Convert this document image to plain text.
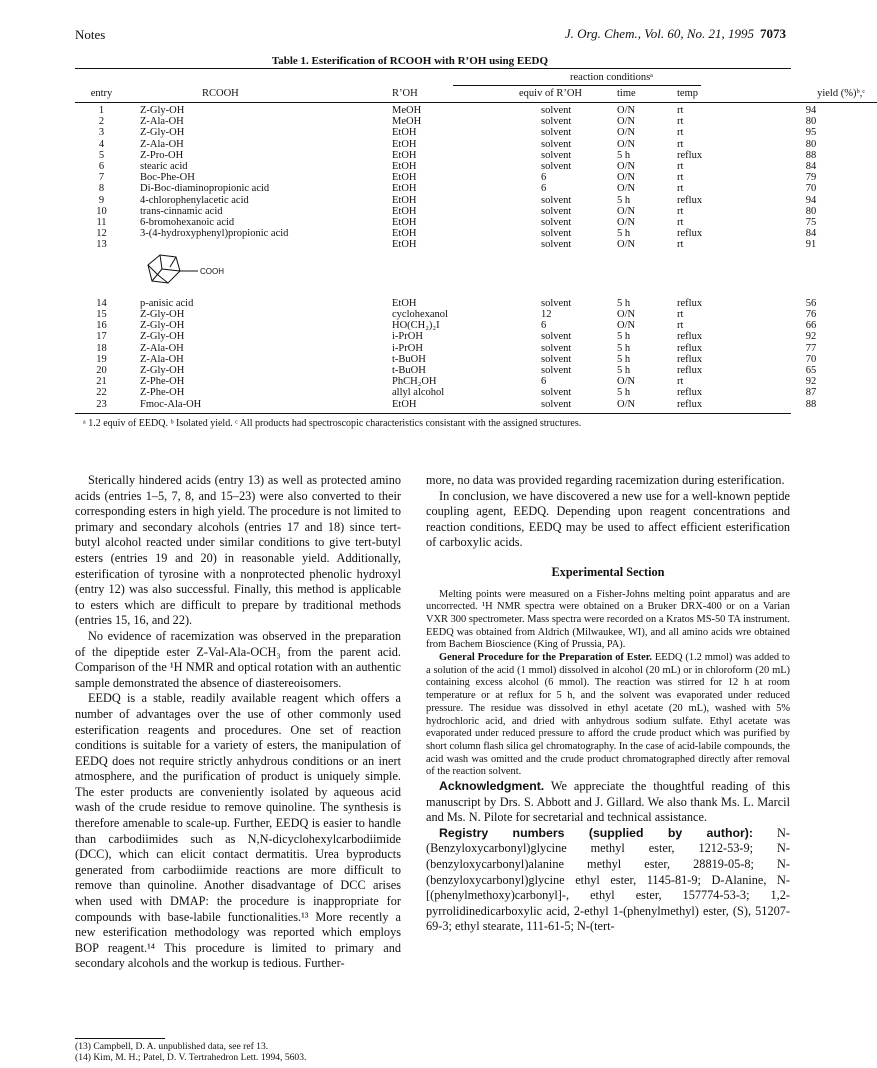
Notes	J. Org. Chem., Vol. 60, No. 21, 1995 7073
Table 1. Esterification of RCOOH with R’OH using EEDQ
reaction conditionsᵃ
entry	RCOOH	R’OH	equiv of R’OH	time	temp	yield (%)ᵇ,ᶜ

1	Z-Gly-OH	MeOH	solvent	O/N	rt	94
2	Z-Ala-OH	MeOH	solvent	O/N	rt	80
3	Z-Gly-OH	EtOH	solvent	O/N	rt	95
4	Z-Ala-OH	EtOH	solvent	O/N	rt	80
5	Z-Pro-OH	EtOH	solvent	5 h	reflux	88
6	stearic acid	EtOH	solvent	O/N	rt	84
7	Boc-Phe-OH	EtOH	6	O/N	rt	79
8	Di-Boc-diaminopropionic acid	EtOH	6	O/N	rt	70
9	4-chlorophenylacetic acid	EtOH	solvent	5 h	reflux	94
10	trans-cinnamic acid	EtOH	solvent	O/N	rt	80
11	6-bromohexanoic acid	EtOH	solvent	O/N	rt	75
12	3-(4-hydroxyphenyl)propionic acid	EtOH	solvent	5 h	reflux	84
13		EtOH	solvent	O/N	rt	91

COOH					

14	p-anisic acid	EtOH	solvent	5 h	reflux	56
15	Z-Gly-OH	cyclohexanol	12	O/N	rt	76
16	Z-Gly-OH	HO(CH₂)₂I	6	O/N	rt	66
17	Z-Gly-OH	i-PrOH	solvent	5 h	reflux	92
18	Z-Ala-OH	i-PrOH	solvent	5 h	reflux	77
19	Z-Ala-OH	t-BuOH	solvent	5 h	reflux	70
20	Z-Gly-OH	t-BuOH	solvent	5 h	reflux	65
21	Z-Phe-OH	PhCH₂OH	6	O/N	rt	92
22	Z-Phe-OH	allyl alcohol	solvent	5 h	reflux	87
23	Fmoc-Ala-OH	EtOH	solvent	O/N	reflux	88
ᵃ 1.2 equiv of EEDQ. ᵇ Isolated yield. ᶜ All products had spectroscopic characteristics consistant with the assigned structures.

Sterically hindered acids (entry 13) as well as protected amino acids (entries 1–5, 7, 8, and 15–23) were also converted to their corresponding esters in high yield. The procedure is not limited to primary and secondary alcohols (entries 17 and 18) since tert-butyl alcohol reacted under similar conditions to give tert-butyl esters (entries 19 and 20) in reasonable yield. Additionally, esterification of tyrosine with a nonprotected phenolic hydroxyl (entry 12) was also successful. Finally, this method is applicable to esters which are difficult to prepare by traditional methods (entries 15, 16, and 22).

No evidence of racemization was observed in the preparation of the dipeptide ester Z-Val-Ala-OCH₃ from the parent acid. Comparison of the ¹H NMR and optical rotation with an authentic sample demonstrated the absence of diastereoisomers.

EEDQ is a stable, readily available reagent which offers a number of advantages over the use of other commonly used esterification reagents and procedures. One set of reaction conditions is suitable for a variety of esters, the manipulation of EEDQ does not require strictly anhydrous conditions or an inert atmosphere, and the purification of product is uniquely simple. The ester products are conveniently isolated by aqueous acid wash of the crude residue to remove quinoline. The synthesis is therefore amenable to scale-up. Further, EEDQ is easier to handle than carbodiimides such as N,N-dicyclohexylcarbodiimide (DCC), which can elicit contact dermatitis. Urea byproducts generated from carbodiimide reactions are more difficult to remove than quinoline. Another disadvantage of DCC arises when used with DMAP: the procedure is inappropriate for compounds with base-labile functionalities.¹³ More recently a new esterification methodology was reported which employs BOP reagent.¹⁴ This procedure is limited to primary and secondary alcohols and the workup is tedious. Further-

more, no data was provided regarding racemization during esterification.

In conclusion, we have discovered a new use for a well-known peptide coupling agent, EEDQ. Depending upon reagent concentrations and reaction conditions, EEDQ may be used to affect efficient esterification of carboxylic acids.

Experimental Section

Melting points were measured on a Fisher-Johns melting point apparatus and are uncorrected. ¹H NMR spectra were obtained on a Bruker DRX-400 or on a Varian VXR 300 spectrometer. Mass spectra were recorded on a Kratos MS-50 TA instrument. EEDQ was obtained from Aldrich (Milwaukee, WI), and all amino acids wre obtained from Bachem Bioscience (King of Prussia, PA).

General Procedure for the Preparation of Ester. EEDQ (1.2 mmol) was added to a solution of the acid (1 mmol) dissolved in alcohol (20 mL) or in chloroform (20 mL) containing excess alcohol (6 mmol). The reaction was stirred for 12 h at room temperature or at reflux for 5 h, and the solvent was evaporated under reduced pressure. The residue was dissolved in ethyl acetate (20 mL), washed with 5% hydrochloric acid, and dried with anhydrous sodium sulfate. Ethyl acetate was evaporated under reduced pressure to afford the crude product which was purified by short column flash silica gel chromatography. In the case of acid-labile compounds, the acid wash was omitted and the crude product chromatographed directly after removal of the reaction solvent.

Acknowledgment. We appreciate the thoughtful reading of this manuscript by Drs. S. Abbott and J. Gillard. We also thank Ms. L. Marcil and Ms. N. Pilote for secretarial and technical assistance.

Registry numbers (supplied by author): N-(Benzyloxycarbonyl)glycine methyl ester, 1212-53-9; N-(benzyloxycarbonyl)alanine methyl ester, 28819-05-8; N-(benzyloxycarbonyl)glycine ethyl ester, 1145-81-9; D-Alanine, N-[(phenylmethoxy)carbonyl]-, ethyl ester, 157774-53-3; 1,2-pyrrolidinedicarboxylic acid, 2-ethyl 1-(phenylmethyl) ester, (S), 51207-69-3; ethyl stearate, 111-61-5; N-(tert-

(13) Campbell, D. A. unpublished data, see ref 13.
(14) Kim, M. H.; Patel, D. V. Tertrahedron Lett. 1994, 5603.
